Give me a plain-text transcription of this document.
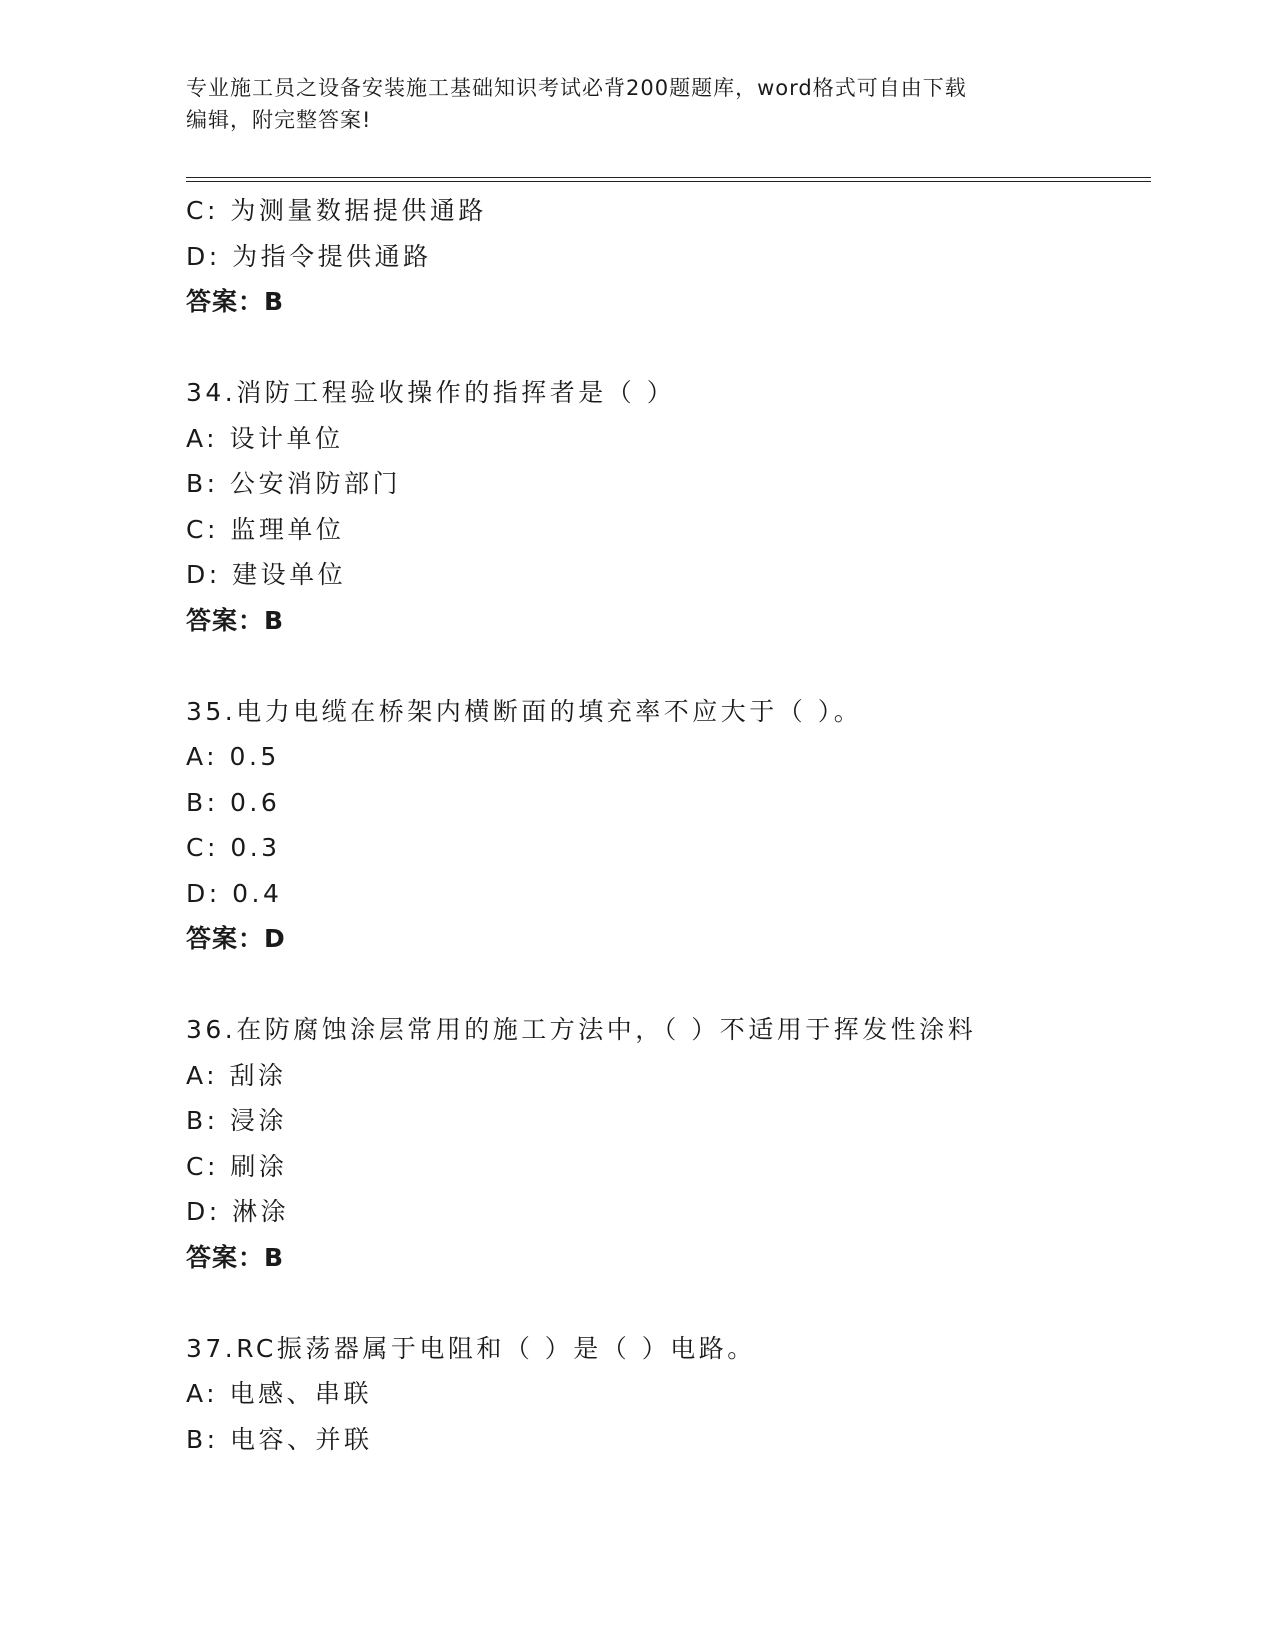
专业施工员之设备安装施工基础知识考试必背200题题库，word格式可自由下载
编辑，附完整答案!
C: 为测量数据提供通路
D: 为指令提供通路
答案：B
34.消防工程验收操作的指挥者是（ ）
A: 设计单位
B: 公安消防部门
C: 监理单位
D: 建设单位
答案：B
35.电力电缆在桥架内横断面的填充率不应大于（ ）。
A: 0.5
B: 0.6
C: 0.3
D: 0.4
答案：D
36.在防腐蚀涂层常用的施工方法中，（ ）不适用于挥发性涂料
A: 刮涂
B: 浸涂
C: 刷涂
D: 淋涂
答案：B
37.RC振荡器属于电阻和（ ）是（ ）电路。
A: 电感、串联
B: 电容、并联
